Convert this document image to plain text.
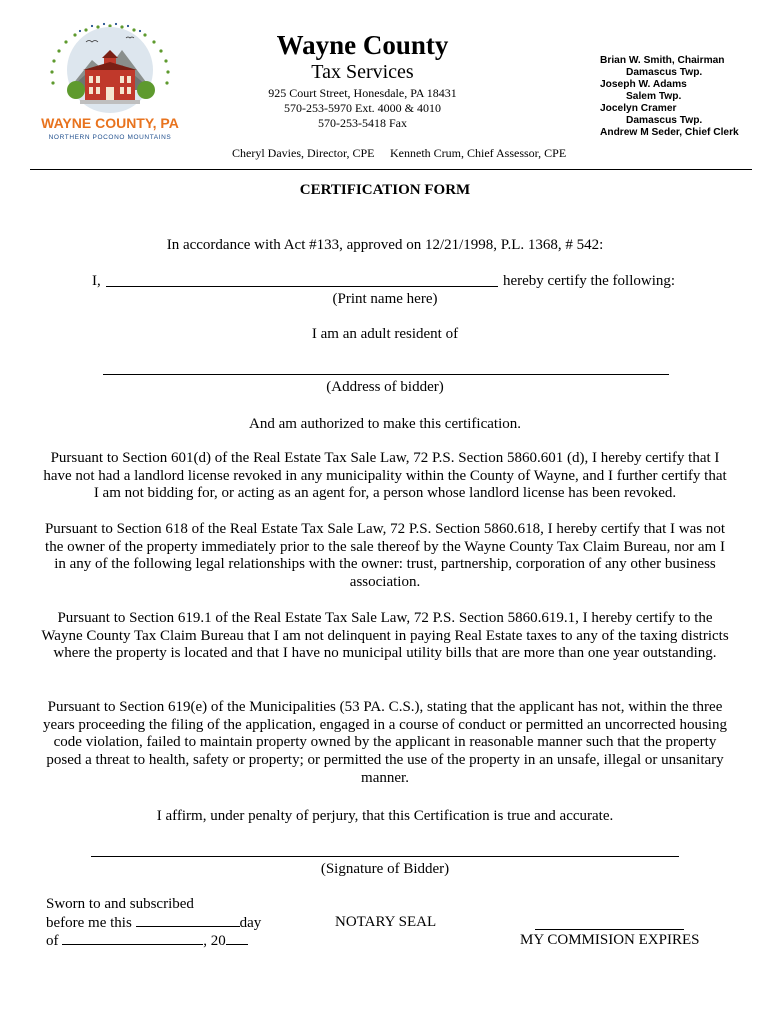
WAYNE COUNTY, PA
NORTHERN POCONO MOUNTAINS
Wayne County
Tax Services
925 Court Street, Honesdale, PA 18431
570-253-5970 Ext. 4000 & 4010
570-253-5418 Fax
Cheryl Davies, Director, CPE Kenneth Crum, Chief Assessor, CPE
Brian W. Smith, Chairman
Damascus Twp.
Joseph W. Adams
Salem Twp.
Jocelyn Cramer
Damascus Twp.
Andrew M Seder, Chief Clerk
CERTIFICATION FORM
In accordance with Act #133, approved on 12/21/1998, P.L. 1368, # 542:
I,	hereby certify the following:
(Print name here)
I am an adult resident of
(Address of bidder)
And am authorized to make this certification.
Pursuant to Section 601(d) of the Real Estate Tax Sale Law, 72 P.S. Section 5860.601 (d), I hereby certify that I have not had a landlord license revoked in any municipality within the County of Wayne, and I further certify that I am not bidding for, or acting as an agent for, a person whose landlord license has been revoked.
Pursuant to Section 618 of the Real Estate Tax Sale Law, 72 P.S. Section 5860.618, I hereby certify that I was not the owner of the property immediately prior to the sale thereof by the Wayne County Tax Claim Bureau, nor am I in any of the following legal relationships with the owner: trust, partnership, corporation of any other business association.
Pursuant to Section 619.1 of the Real Estate Tax Sale Law, 72 P.S. Section 5860.619.1, I hereby certify to the Wayne County Tax Claim Bureau that I am not delinquent in paying Real Estate taxes to any of the taxing districts where the property is located and that I have no municipal utility bills that are more than one year outstanding.
Pursuant to Section 619(e) of the Municipalities (53 PA. C.S.), stating that the applicant has not, within the three years proceeding the filing of the application, engaged in a course of conduct or permitted an uncorrected housing code violation, failed to maintain property owned by the applicant in reasonable manner such that the property posed a threat to health, safety or property; or permitted the use of the property in an unsafe, illegal or unsanitary manner.
I affirm, under penalty of perjury, that this Certification is true and accurate.
(Signature of Bidder)
Sworn to and subscribed
before me this	day
of	, 20
NOTARY SEAL
MY COMMISION EXPIRES
